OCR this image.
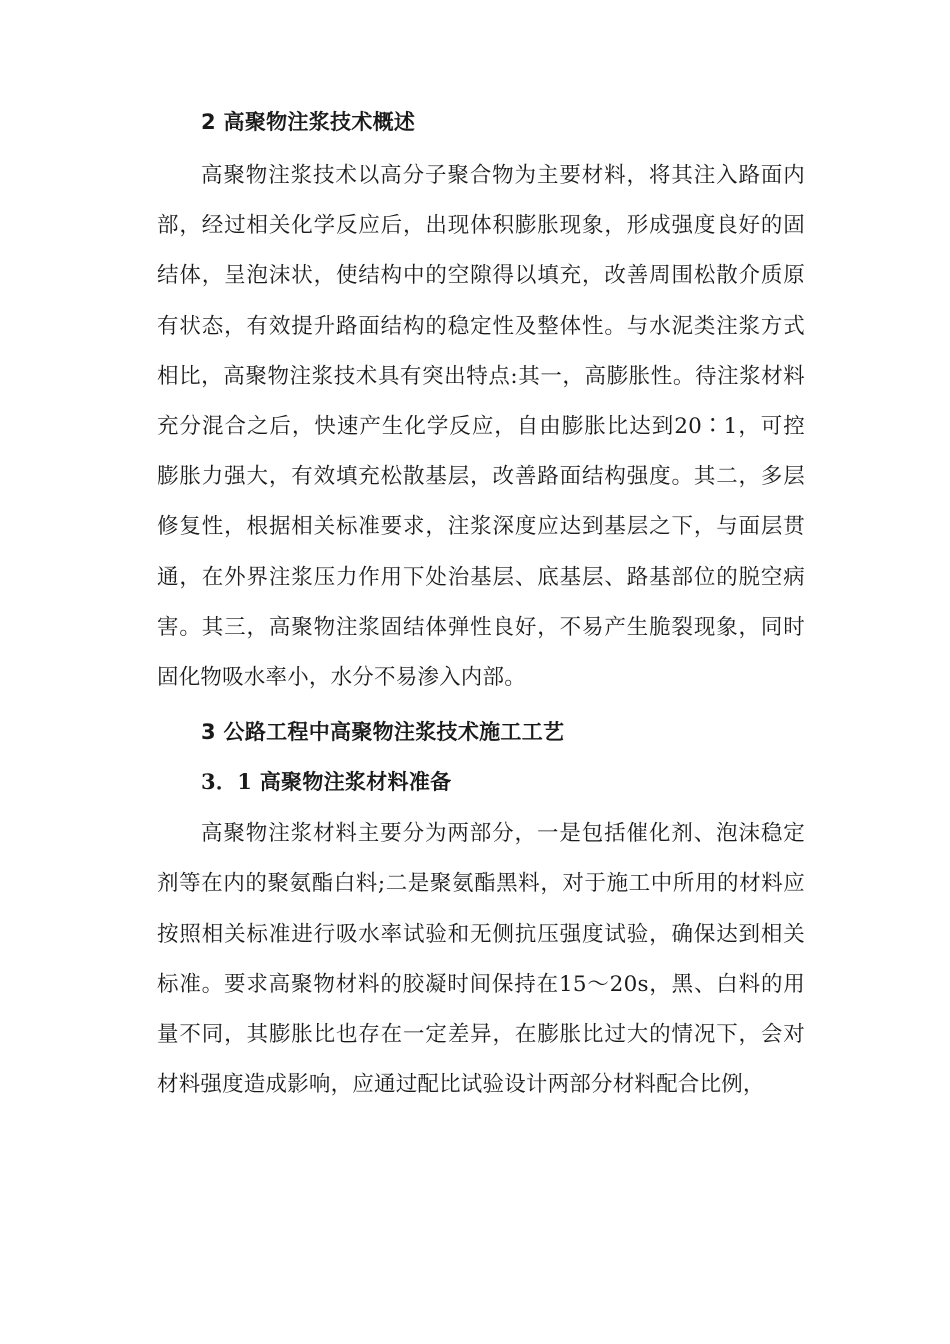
2 高聚物注浆技术概述

高聚物注浆技术以高分子聚合物为主要材料，将其注入路面内部，经过相关化学反应后，出现体积膨胀现象，形成强度良好的固结体，呈泡沫状，使结构中的空隙得以填充，改善周围松散介质原有状态，有效提升路面结构的稳定性及整体性。与水泥类注浆方式相比，高聚物注浆技术具有突出特点:其一，高膨胀性。待注浆材料充分混合之后，快速产生化学反应，自由膨胀比达到20∶1，可控膨胀力强大，有效填充松散基层，改善路面结构强度。其二，多层修复性，根据相关标准要求，注浆深度应达到基层之下，与面层贯通，在外界注浆压力作用下处治基层、底基层、路基部位的脱空病害。其三，高聚物注浆固结体弹性良好，不易产生脆裂现象，同时固化物吸水率小，水分不易渗入内部。

3 公路工程中高聚物注浆技术施工工艺
3．1 高聚物注浆材料准备

高聚物注浆材料主要分为两部分，一是包括催化剂、泡沫稳定剂等在内的聚氨酯白料;二是聚氨酯黑料，对于施工中所用的材料应按照相关标准进行吸水率试验和无侧抗压强度试验，确保达到相关标准。要求高聚物材料的胶凝时间保持在15～20s，黑、白料的用量不同，其膨胀比也存在一定差异，在膨胀比过大的情况下，会对材料强度造成影响，应通过配比试验设计两部分材料配合比例，
